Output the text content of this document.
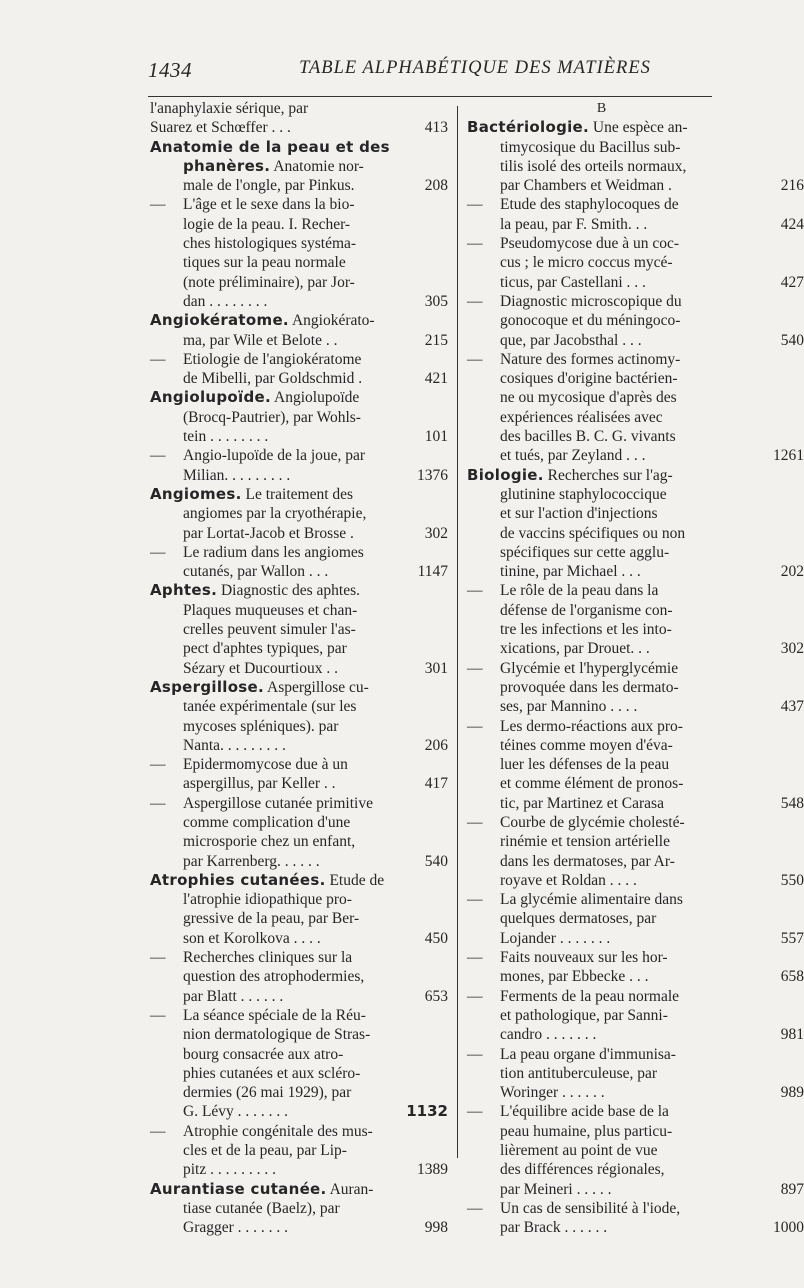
1434	TABLE ALPHABÉTIQUE DES MATIÈRES
l'anaphylaxie sérique, par
Suarez et Schœffer . . .	413
Anatomie de la peau et des
phanères. Anatomie nor-
male de l'ongle, par Pinkus.	208
— L'âge et le sexe dans la bio-
logie de la peau. I. Recher-
ches histologiques systéma-
tiques sur la peau normale
(note préliminaire), par Jor-
dan . . . . . . . .	305
Angiokératome. Angiokérato-
ma, par Wile et Belote . .	215
— Etiologie de l'angiokératome
de Mibelli, par Goldschmid .	421
Angiolupoïde. Angiolupoïde
(Brocq-Pautrier), par Wohls-
tein . . . . . . . .	101
— Angio-lupoïde de la joue, par
Milian. . . . . . . . .	1376
Angiomes. Le traitement des
angiomes par la cryothérapie,
par Lortat-Jacob et Brosse .	302
— Le radium dans les angiomes
cutanés, par Wallon . . .	1147
Aphtes. Diagnostic des aphtes.
Plaques muqueuses et chan-
crelles peuvent simuler l'as-
pect d'aphtes typiques, par
Sézary et Ducourtioux . .	301
Aspergillose. Aspergillose cu-
tanée expérimentale (sur les
mycoses spléniques). par
Nanta. . . . . . . . .	206
— Epidermomycose due à un
aspergillus, par Keller . .	417
— Aspergillose cutanée primitive
comme complication d'une
microsporie chez un enfant,
par Karrenberg. . . . . .	540
Atrophies cutanées. Etude de
l'atrophie idiopathique pro-
gressive de la peau, par Ber-
son et Korolkova . . . .	450
— Recherches cliniques sur la
question des atrophodermies,
par Blatt . . . . . .	653
— La séance spéciale de la Réu-
nion dermatologique de Stras-
bourg consacrée aux atro-
phies cutanées et aux scléro-
dermies (26 mai 1929), par
G. Lévy . . . . . . .	1132
— Atrophie congénitale des mus-
cles et de la peau, par Lip-
pitz . . . . . . . . .	1389
Aurantiase cutanée. Auran-
tiase cutanée (Baelz), par
Gragger . . . . . . .	998
B
Bactériologie. Une espèce an-
timycosique du Bacillus sub-
tilis isolé des orteils normaux,
par Chambers et Weidman .	216
— Etude des staphylocoques de
la peau, par F. Smith. . .	424
— Pseudomycose due à un coc-
cus ; le micro coccus mycé-
ticus, par Castellani . . .	427
— Diagnostic microscopique du
gonocoque et du méningoco-
que, par Jacobsthal . . .	540
— Nature des formes actinomy-
cosiques d'origine bactérien-
ne ou mycosique d'après des
expériences réalisées avec
des bacilles B. C. G. vivants
et tués, par Zeyland . . .	1261
Biologie. Recherches sur l'ag-
glutinine staphylococcique
et sur l'action d'injections
de vaccins spécifiques ou non
spécifiques sur cette agglu-
tinine, par Michael . . .	202
— Le rôle de la peau dans la
défense de l'organisme con-
tre les infections et les into-
xications, par Drouet. . .	302
— Glycémie et l'hyperglycémie
provoquée dans les dermato-
ses, par Mannino . . . .	437
— Les dermo-réactions aux pro-
téines comme moyen d'éva-
luer les défenses de la peau
et comme élément de pronos-
tic, par Martinez et Carasa	548
— Courbe de glycémie cholesté-
rinémie et tension artérielle
dans les dermatoses, par Ar-
royave et Roldan . . . .	550
— La glycémie alimentaire dans
quelques dermatoses, par
Lojander . . . . . . .	557
— Faits nouveaux sur les hor-
mones, par Ebbecke . . .	658
— Ferments de la peau normale
et pathologique, par Sanni-
candro . . . . . . .	981
— La peau organe d'immunisa-
tion antituberculeuse, par
Woringer . . . . . .	989
— L'équilibre acide base de la
peau humaine, plus particu-
lièrement au point de vue
des différences régionales,
par Meineri . . . . .	897
— Un cas de sensibilité à l'iode,
par Brack . . . . . .	1000
